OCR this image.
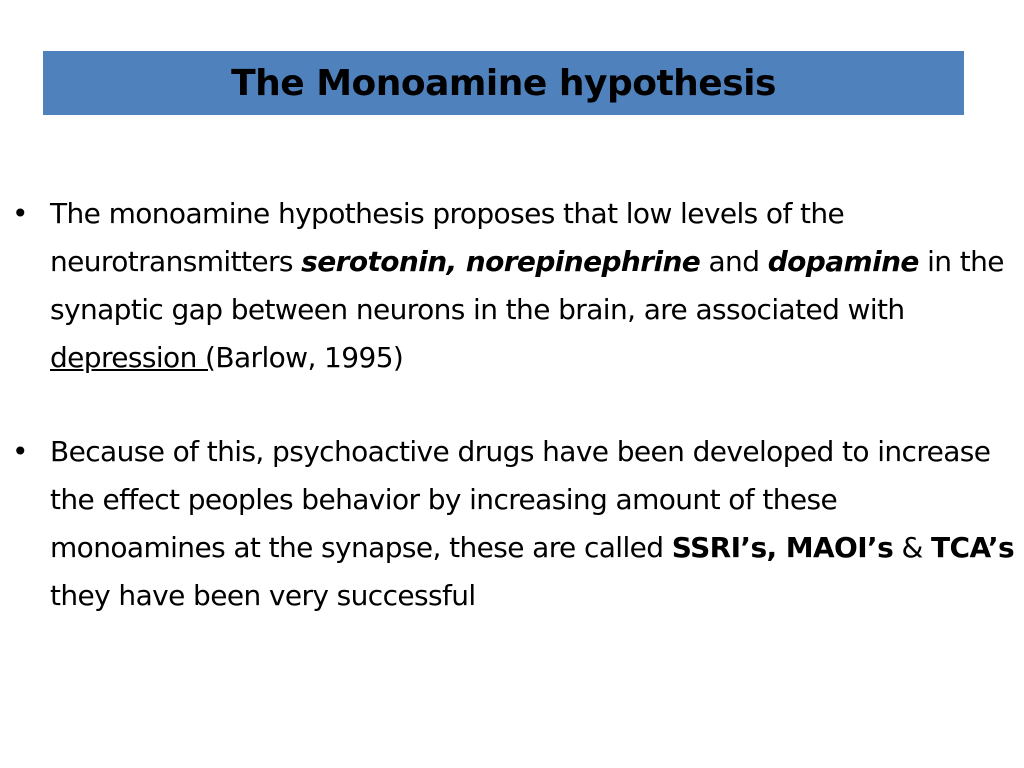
The Monoamine hypothesis
• The monoamine hypothesis proposes that low levels of the neurotransmitters serotonin, norepinephrine and dopamine in the synaptic gap between neurons in the brain, are associated with depression (Barlow, 1995)
• Because of this, psychoactive drugs have been developed to increase the effect peoples behavior by increasing amount of these monoamines at the synapse, these are called SSRI’s, MAOI’s & TCA’s they have been very successful
